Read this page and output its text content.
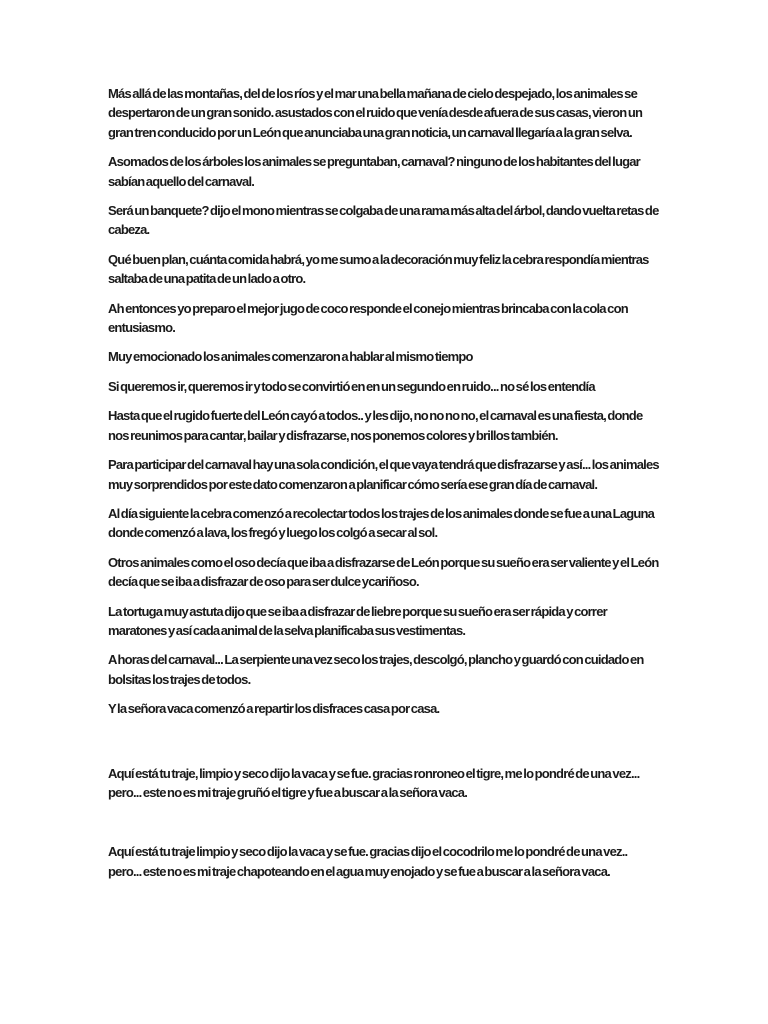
Más allá de las montañas, del de los ríos y el mar una bella mañana de cielo despejado, los animales se despertaron de un gran sonido. asustados con el ruido que venía desde afuera de sus casas, vieron un gran tren conducido por un León que anunciaba una gran noticia, un carnaval llegaría a la gran selva.

Asomados de los árboles los animales se preguntaban, carnaval? ninguno de los habitantes del lugar sabían aquello del carnaval.

Será un banquete? dijo el mono mientras se colgaba de una rama más alta del árbol, dando vuelta retas de cabeza.

Qué buen plan, cuánta comida habrá, yo me sumo a la decoración muy feliz la cebra respondía mientras saltaba de una patita de un lado a otro.

Ah entonces yo preparo el mejor jugo de coco responde el conejo mientras brincaba con la cola con entusiasmo.

Muy emocionado los animales comenzaron a hablar al mismo tiempo

Si queremos ir, queremos ir y todo se convirtió en en un segundo en ruido... no sé los entendía

Hasta que el rugido fuerte del León cayó a todos.. y les dijo, no no no no, el carnaval es una fiesta, donde nos reunimos para cantar, bailar y disfrazarse, nos ponemos colores y brillos también.

Para participar del carnaval hay una sola condición, el que vaya tendrá que disfrazarse y así... los animales muy sorprendidos por este dato comenzaron a planificar cómo sería ese gran día de carnaval.

Al día siguiente la cebra comenzó a recolectar todos los trajes de los animales donde se fue a una Laguna donde comenzó a lava, los fregó y luego los colgó a secar al sol.

Otros animales como el oso decía que iba a disfrazarse de León porque su sueño era ser valiente y el León decía que se iba a disfrazar de oso para ser dulce ycariñoso.

La tortuga muy astuta dijo que se iba a disfrazar de liebre porque su sueño era ser rápida y correr maratones y así cada animal de la selva planificaba sus vestimentas.

A horas del carnaval... La serpiente una vez seco los trajes, descolgó, plancho y guardó con cuidado en bolsitas los trajes de todos.

Y la señora vaca comenzó a repartir los disfraces casa por casa.

Aquí está tu traje, limpio y seco dijo la vaca y se fue. gracias ronroneo el tigre, me lo pondré de una vez... pero... este no es mi traje gruñó el tigre y fue a buscar a la señora vaca.

Aquí está tu traje limpio y seco dijo la vaca y se fue. gracias dijo el cocodrilo me lo pondré de una vez.. pero... este no es mi traje chapoteando en el agua muy enojado y se fue a buscar a la señora vaca.
